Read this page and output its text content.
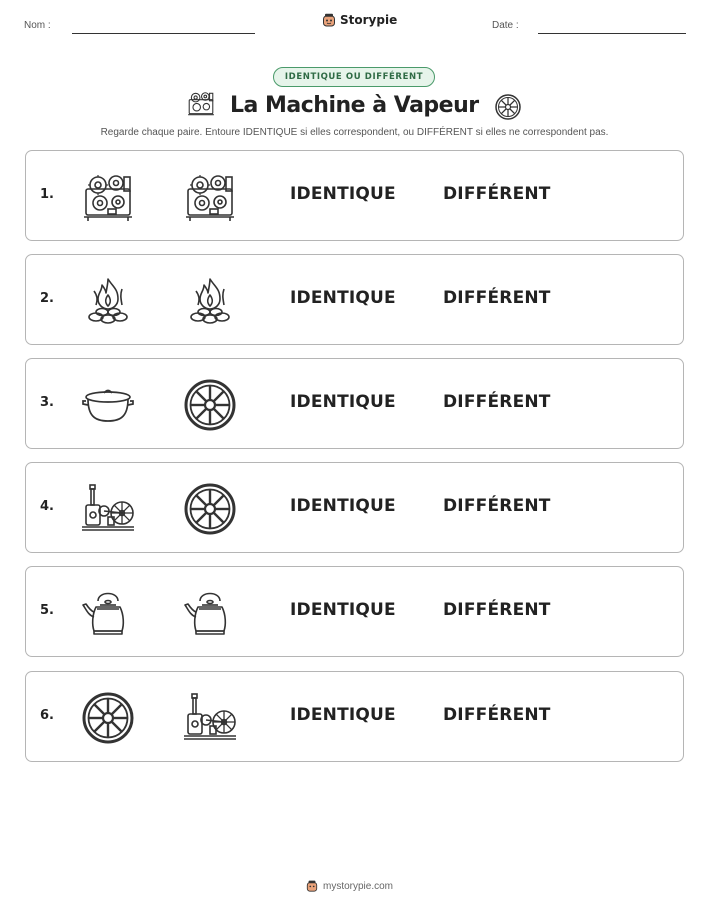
Nom :	Storypie	Date :
IDENTIQUE OU DIFFÉRENT
La Machine à Vapeur
Regarde chaque paire. Entoure IDENTIQUE si elles correspondent, ou DIFFÉRENT si elles ne correspondent pas.
1.	IDENTIQUE	DIFFÉRENT
2.	IDENTIQUE	DIFFÉRENT
3.	IDENTIQUE	DIFFÉRENT
4.	IDENTIQUE	DIFFÉRENT
5.	IDENTIQUE	DIFFÉRENT
6.	IDENTIQUE	DIFFÉRENT
mystorypie.com
